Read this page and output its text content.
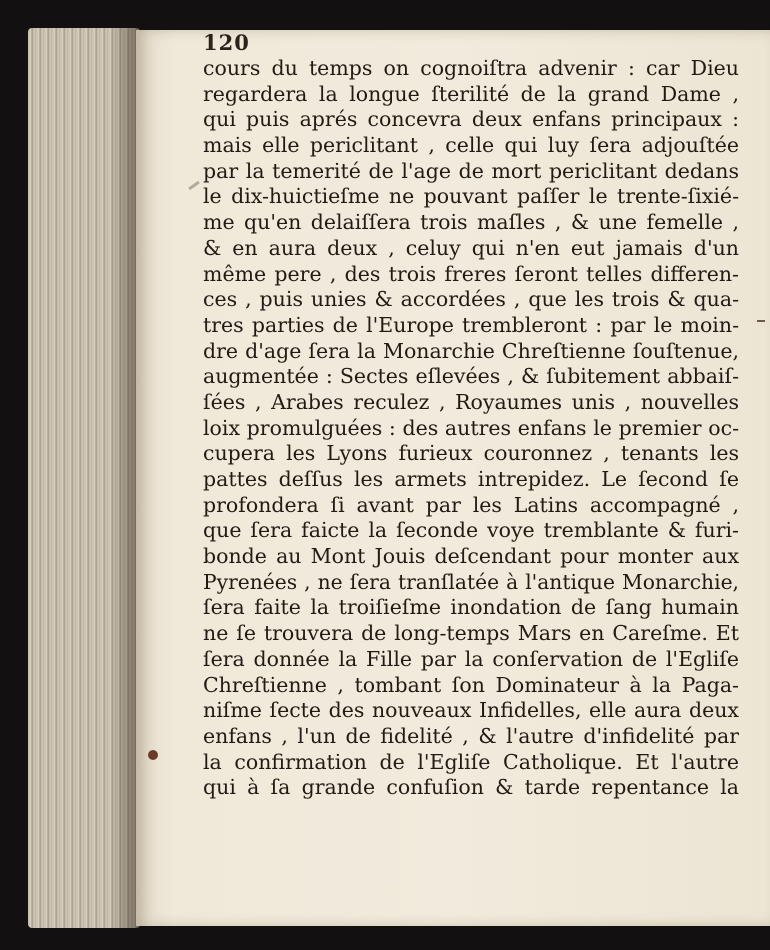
120
cours du temps on cognoiſtra advenir : car Dieu
regardera la longue ſterilité de la grand Dame ,
qui puis aprés concevra deux enfans principaux :
mais elle periclitant , celle qui luy ſera adjouſtée
par la temerité de l'age de mort periclitant dedans
le dix-huictieſme ne pouvant paſſer le trente-ſixié-
me qu'en delaiſſera trois maſles , & une femelle ,
& en aura deux , celuy qui n'en eut jamais d'un
même pere , des trois freres ſeront telles differen-
ces , puis unies & accordées , que les trois & qua-
tres parties de l'Europe trembleront : par le moin-
dre d'age ſera la Monarchie Chreſtienne ſouſtenue,
augmentée : Sectes eſlevées , & ſubitement abbaiſ-
ſées , Arabes reculez , Royaumes unis , nouvelles
loix promulguées : des autres enfans le premier oc-
cupera les Lyons furieux couronnez , tenants les
pattes deſſus les armets intrepidez. Le ſecond ſe
profondera ſi avant par les Latins accompagné ,
que ſera faicte la ſeconde voye tremblante & furi-
bonde au Mont Jouis deſcendant pour monter aux
Pyrenées , ne ſera tranſlatée à l'antique Monarchie,
ſera faite la troiſieſme inondation de ſang humain
ne ſe trouvera de long-temps Mars en Careſme. Et
ſera donnée la Fille par la conſervation de l'Egliſe
Chreſtienne , tombant ſon Dominateur à la Paga-
niſme ſecte des nouveaux Infidelles, elle aura deux
enfans , l'un de fidelité , & l'autre d'infidelité par
la confirmation de l'Egliſe Catholique. Et l'autre
qui à ſa grande confuſion & tarde repentance la
